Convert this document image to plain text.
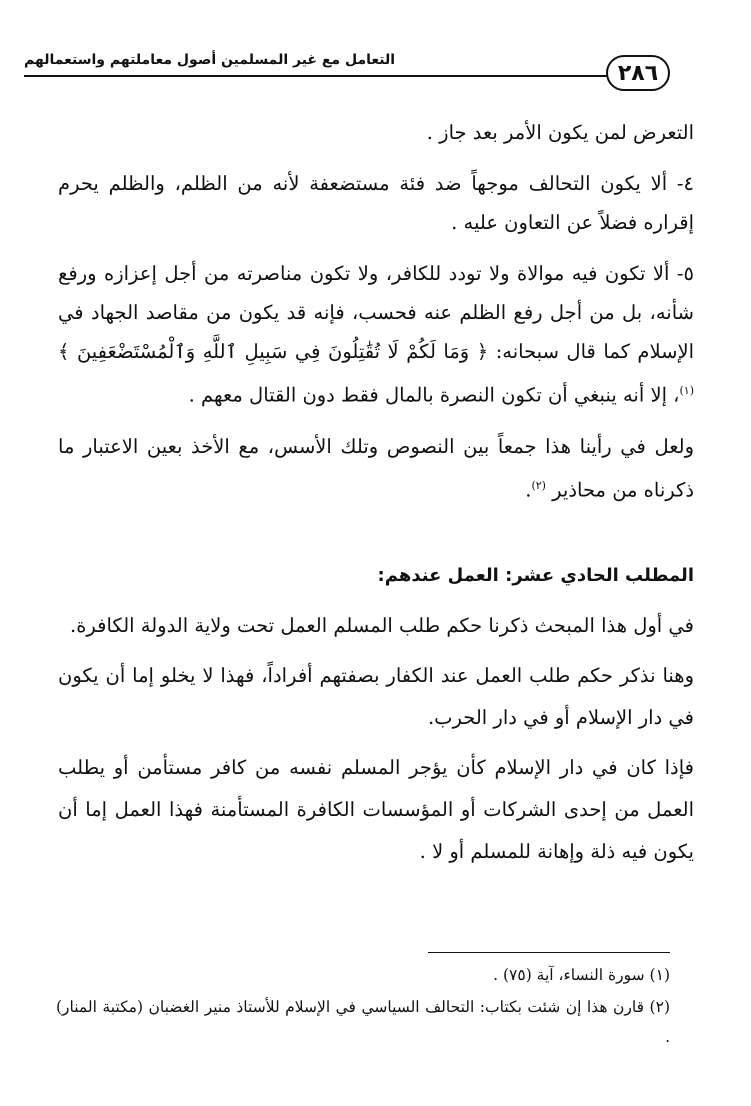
التعامل مع غير المسلمين أصول معاملتهم واستعمالهم
٢٨٦

التعرض لمن يكون الأمر بعد جاز .

٤- ألا يكون التحالف موجهاً ضد فئة مستضعفة لأنه من الظلم، والظلم يحرم إقراره فضلاً عن التعاون عليه .

٥- ألا تكون فيه موالاة ولا تودد للكافر، ولا تكون مناصرته من أجل إعزازه ورفع شأنه، بل من أجل رفع الظلم عنه فحسب، فإنه قد يكون من مقاصد الجهاد في الإسلام كما قال سبحانه: ﴿ وَمَا لَكُمْ لَا تُقَٰتِلُونَ فِي سَبِيلِ ٱللَّهِ وَٱلْمُسْتَضْعَفِينَ ﴾ $^{(١)}$، إلا أنه ينبغي أن تكون النصرة بالمال فقط دون القتال معهم .

ولعل في رأينا هذا جمعاً بين النصوص وتلك الأسس، مع الأخذ بعين الاعتبار ما ذكرناه من محاذير $^{(٢)}$.

المطلب الحادي عشر: العمل عندهم:

في أول هذا المبحث ذكرنا حكم طلب المسلم العمل تحت ولاية الدولة الكافرة.

وهنا نذكر حكم طلب العمل عند الكفار بصفتهم أفراداً، فهذا لا يخلو إما أن يكون في دار الإسلام أو في دار الحرب.

فإذا كان في دار الإسلام كأن يؤجر المسلم نفسه من كافر مستأمن أو يطلب العمل من إحدى الشركات أو المؤسسات الكافرة المستأمنة فهذا العمل إما أن يكون فيه ذلة وإهانة للمسلم أو لا .

(١) سورة النساء، آية (٧٥) .

(٢) قارن هذا إن شئت بكتاب: التحالف السياسي في الإسلام للأستاذ منير الغضبان (مكتبة المنار) .
